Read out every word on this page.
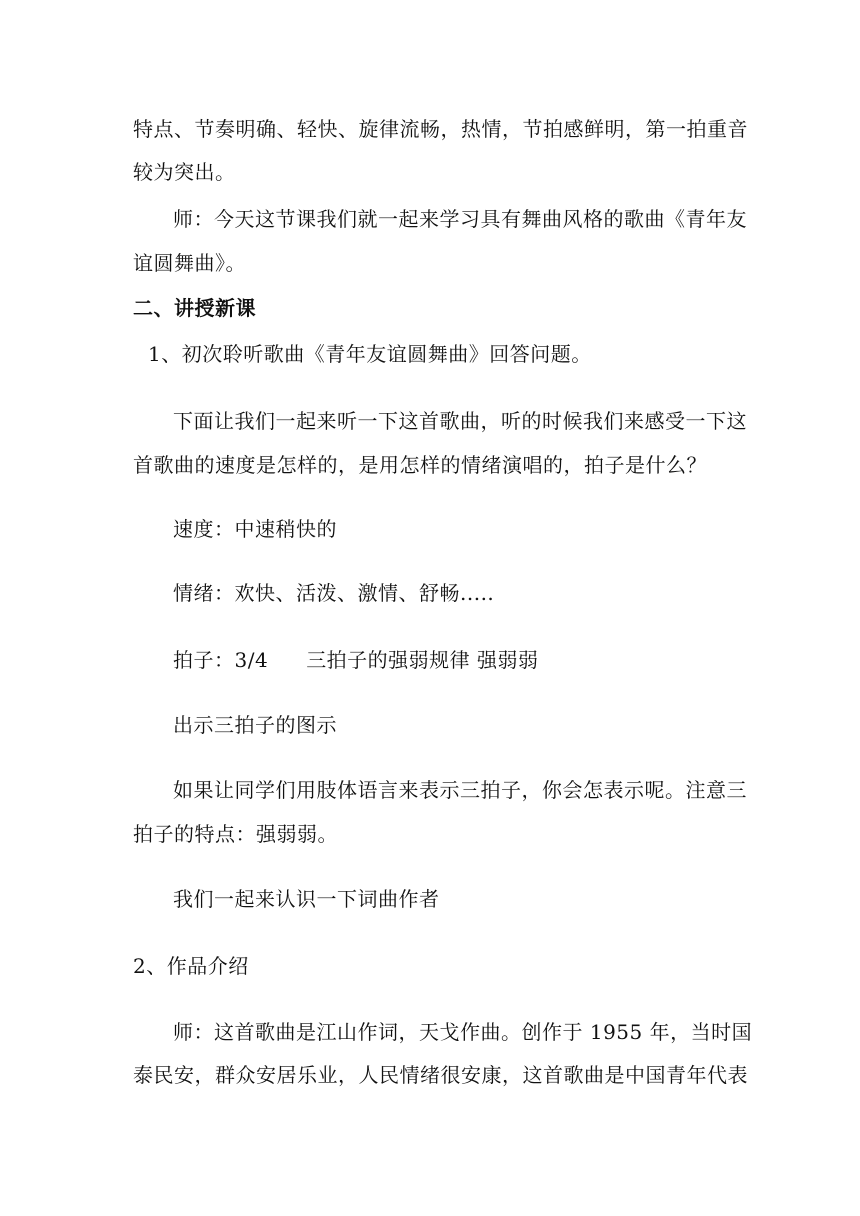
特点、节奏明确、轻快、旋律流畅，热情，节拍感鲜明，第一拍重音
较为突出。
师：今天这节课我们就一起来学习具有舞曲风格的歌曲《青年友
谊圆舞曲》。
二、讲授新课
1、初次聆听歌曲《青年友谊圆舞曲》回答问题。
下面让我们一起来听一下这首歌曲，听的时候我们来感受一下这
首歌曲的速度是怎样的，是用怎样的情绪演唱的，拍子是什么？
速度：中速稍快的
情绪：欢快、活泼、激情、舒畅.....
拍子：3/4 三拍子的强弱规律 强弱弱
出示三拍子的图示
如果让同学们用肢体语言来表示三拍子，你会怎表示呢。注意三
拍子的特点：强弱弱。
我们一起来认识一下词曲作者
2、作品介绍
师：这首歌曲是江山作词，天戈作曲。创作于 1955 年，当时国
泰民安，群众安居乐业，人民情绪很安康，这首歌曲是中国青年代表
